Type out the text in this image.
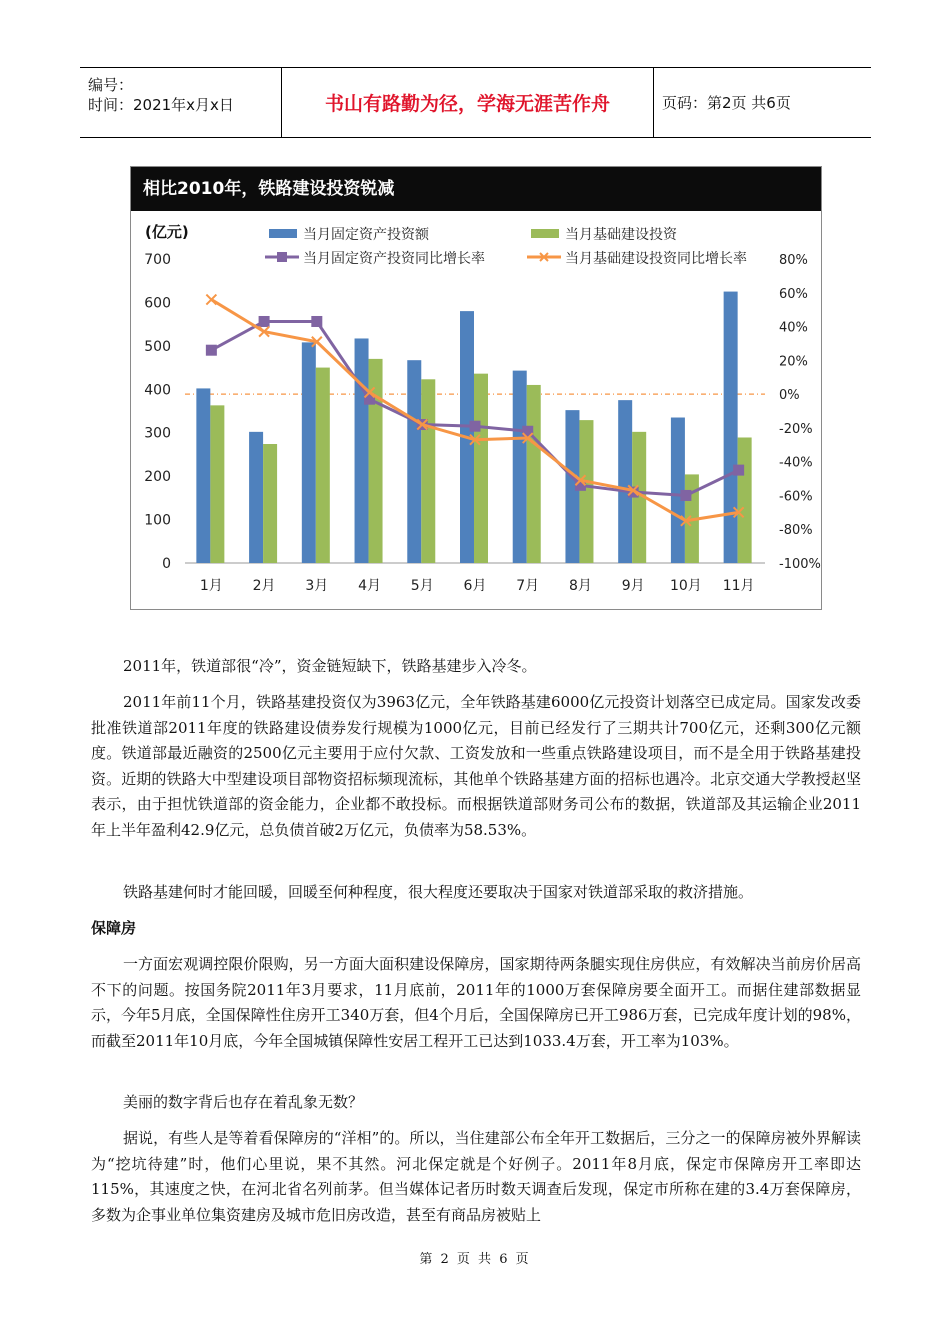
编号：
时间：2021年x月x日	书山有路勤为径，学海无涯苦作舟	页码：第2页 共6页
相比2010年，铁路建设投资锐减
0
100
200
300
400
500
600
700
-100%
-80%
-60%
-40%
-20%
0%
20%
40%
60%
80%
(亿元)
1月 2月 3月 4月 5月 6月 7月 8月 9月 10月 11月
当月固定资产投资额	当月基础建设投资
当月固定资产投资同比增长率	当月基础建设投资同比增长率

2011年，铁道部很“冷”，资金链短缺下，铁路基建步入冷冬。

2011年前11个月，铁路基建投资仅为3963亿元，全年铁路基建6000亿元投资计划落空已成定局。国家发改委批准铁道部2011年度的铁路建设债券发行规模为1000亿元，目前已经发行了三期共计700亿元，还剩300亿元额度。铁道部最近融资的2500亿元主要用于应付欠款、工资发放和一些重点铁路建设项目，而不是全用于铁路基建投资。近期的铁路大中型建设项目部物资招标频现流标，其他单个铁路基建方面的招标也遇冷。北京交通大学教授赵坚表示，由于担忧铁道部的资金能力，企业都不敢投标。而根据铁道部财务司公布的数据，铁道部及其运输企业2011年上半年盈利42.9亿元，总负债首破2万亿元，负债率为58.53%。

铁路基建何时才能回暖，回暖至何种程度，很大程度还要取决于国家对铁道部采取的救济措施。

保障房

一方面宏观调控限价限购，另一方面大面积建设保障房，国家期待两条腿实现住房供应，有效解决当前房价居高不下的问题。按国务院2011年3月要求，11月底前，2011年的1000万套保障房要全面开工。而据住建部数据显示，今年5月底，全国保障性住房开工340万套，但4个月后，全国保障房已开工986万套，已完成年度计划的98%，而截至2011年10月底，今年全国城镇保障性安居工程开工已达到1033.4万套，开工率为103%。

美丽的数字背后也存在着乱象无数？

据说，有些人是等着看保障房的“洋相”的。所以，当住建部公布全年开工数据后，三分之一的保障房被外界解读为“挖坑待建”时，他们心里说，果不其然。河北保定就是个好例子。2011年8月底，保定市保障房开工率即达115%，其速度之快，在河北省名列前茅。但当媒体记者历时数天调查后发现，保定市所称在建的3.4万套保障房，多数为企事业单位集资建房及城市危旧房改造，甚至有商品房被贴上

第 2 页 共 6 页
